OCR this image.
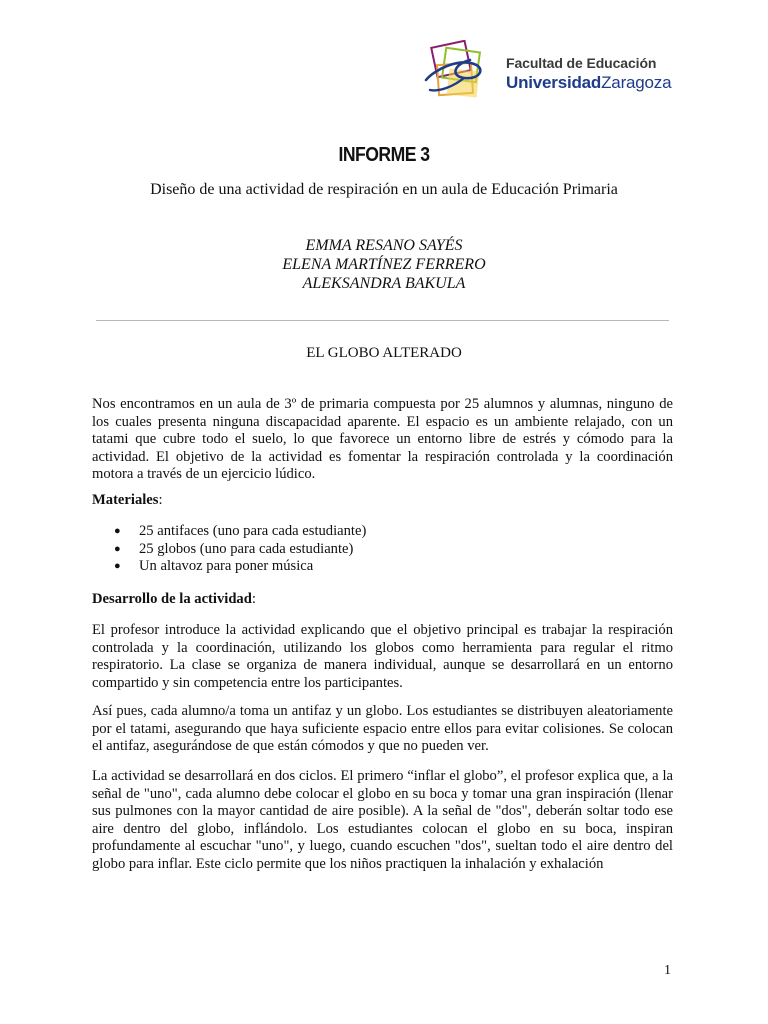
Facultad de Educación
UniversidadZaragoza
INFORME 3
Diseño de una actividad de respiración en un aula de Educación Primaria
EMMA RESANO SAYÉS
ELENA MARTÍNEZ FERRERO
ALEKSANDRA BAKULA
EL GLOBO ALTERADO

Nos encontramos en un aula de 3º de primaria compuesta por 25 alumnos y alumnas, ninguno de los cuales presenta ninguna discapacidad aparente. El espacio es un ambiente relajado, con un tatami que cubre todo el suelo, lo que favorece un entorno libre de estrés y cómodo para la actividad. El objetivo de la actividad es fomentar la respiración controlada y la coordinación motora a través de un ejercicio lúdico.

Materiales:
● 25 antifaces (uno para cada estudiante)
● 25 globos (uno para cada estudiante)
● Un altavoz para poner música
Desarrollo de la actividad:

El profesor introduce la actividad explicando que el objetivo principal es trabajar la respiración controlada y la coordinación, utilizando los globos como herramienta para regular el ritmo respiratorio. La clase se organiza de manera individual, aunque se desarrollará en un entorno compartido y sin competencia entre los participantes.

Así pues, cada alumno/a toma un antifaz y un globo. Los estudiantes se distribuyen aleatoriamente por el tatami, asegurando que haya suficiente espacio entre ellos para evitar colisiones. Se colocan el antifaz, asegurándose de que están cómodos y que no pueden ver.

La actividad se desarrollará en dos ciclos. El primero “inflar el globo”, el profesor explica que, a la señal de "uno", cada alumno debe colocar el globo en su boca y tomar una gran inspiración (llenar sus pulmones con la mayor cantidad de aire posible). A la señal de "dos", deberán soltar todo ese aire dentro del globo, inflándolo. Los estudiantes colocan el globo en su boca, inspiran profundamente al escuchar "uno", y luego, cuando escuchen "dos", sueltan todo el aire dentro del globo para inflar. Este ciclo permite que los niños practiquen la inhalación y exhalación

1
